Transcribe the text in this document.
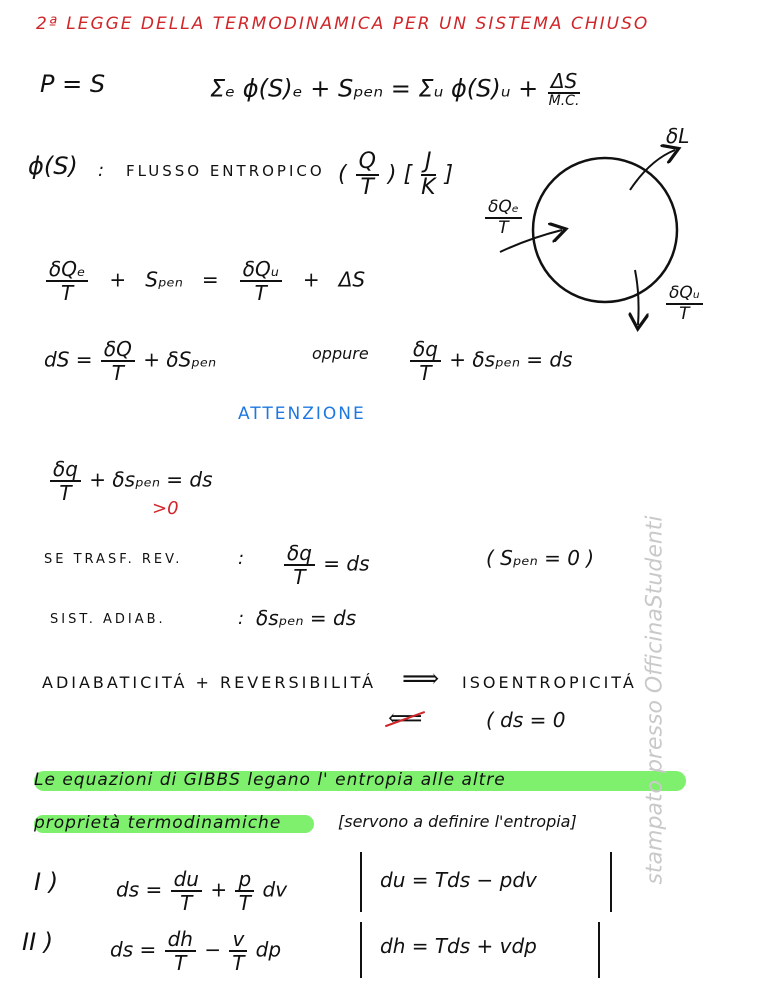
2ª LEGGE DELLA TERMODINAMICA PER UN SISTEMA CHIUSO
P = S	Σₑ ϕ(S)ₑ + Sₚₑₙ = Σᵤ ϕ(S)ᵤ + $\frac{\Delta S}{M.C.}$
ϕ(S) : FLUSSO ENTROPICO ( $\frac{Q}{T}$ ) [ $\frac{J}{K}$ ]
δL
$\frac{\text{δQₑ}}{T}$
$\frac{\text{δQᵤ}}{T}$
$\frac{\text{δQₑ}}{T} + S_{pen} = \frac{\text{δQᵤ}}{T} + \Delta S$
dS = $\frac{\delta Q}{T} + \delta S_{pen}$	oppure $\frac{\delta q}{T} + \delta s_{pen}$ = ds
ATTENZIONE
$\frac{\delta q}{T} + \delta s_{pen}$ = ds
>0
SE TRASF. REV.	: $\frac{\delta q}{T}$ = ds	( Sₚₑₙ = 0 )
SIST. ADIAB.	: δsₚₑₙ = ds
ADIABATICITÁ + REVERSIBILITÁ ⟹ ISOENTROPICITÁ
⟸	( ds = 0
Le equazioni di GIBBS legano l' entropia alle altre
proprietà termodinamiche	[servono a definire l'entropia]
I )	ds = $\frac{du}{T} + \frac{p}{T}$ dv	du = Tds − pdv
II )	ds = $\frac{dh}{T} - \frac{v}{T}$ dp	dh = Tds + vdp
stampato presso OfficinaStudenti
